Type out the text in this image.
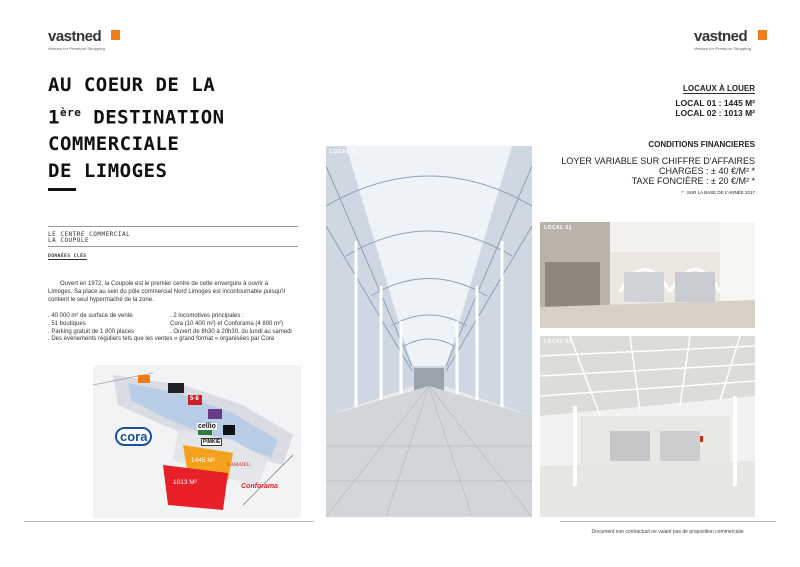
vastned
Venues for Premium Shopping
vastned
Venues for Premium Shopping
AU COEUR DE LA
1ère DESTINATION
COMMERCIALE
DE LIMOGES
LE CENTRE COMMERCIAL
LA COUPOLE
DONNÉES CLÉS
Ouvert en 1972, la Coupole est le premier centre de cette envergure à ouvrir à
Limoges. Sa place au sein du pôle commercial Nord Limoges est incontournable puisqu'il
contient le seul hypermaché de la zone.
. 40 000 m² de surface de vente
. 51 boutiques
. Parking gratuit de 1 800 places
. 2 locomotives principales :
Cora (10 400 m²) et Conforama (4 800 m²)
. Ouvert de 8h30 à 20h30, du lundi au samedi
. Des évènements réguliers tels que les ventes « grand format » organisées par Cora
cora
cellio
5·8
PIMKIE
1445 M²
1013 M²
CAMAIEU
Conforama
LOCAL 01
LOCAUX À LOUER
LOCAL 01 : 1445 M²
LOCAL 02 : 1013 M²
CONDITIONS FINANCIERES
LOYER VARIABLE SUR CHIFFRE D'AFFAIRES
CHARGES : ± 40 €/M² *
TAXE FONCIÈRE : ± 20 €/M² *
* : SUR LA BASE DE L'ANNÉE 2017
LOCAL 01
LOCAL 02
Document non contractuel ne valant pas de proposition commerciale
